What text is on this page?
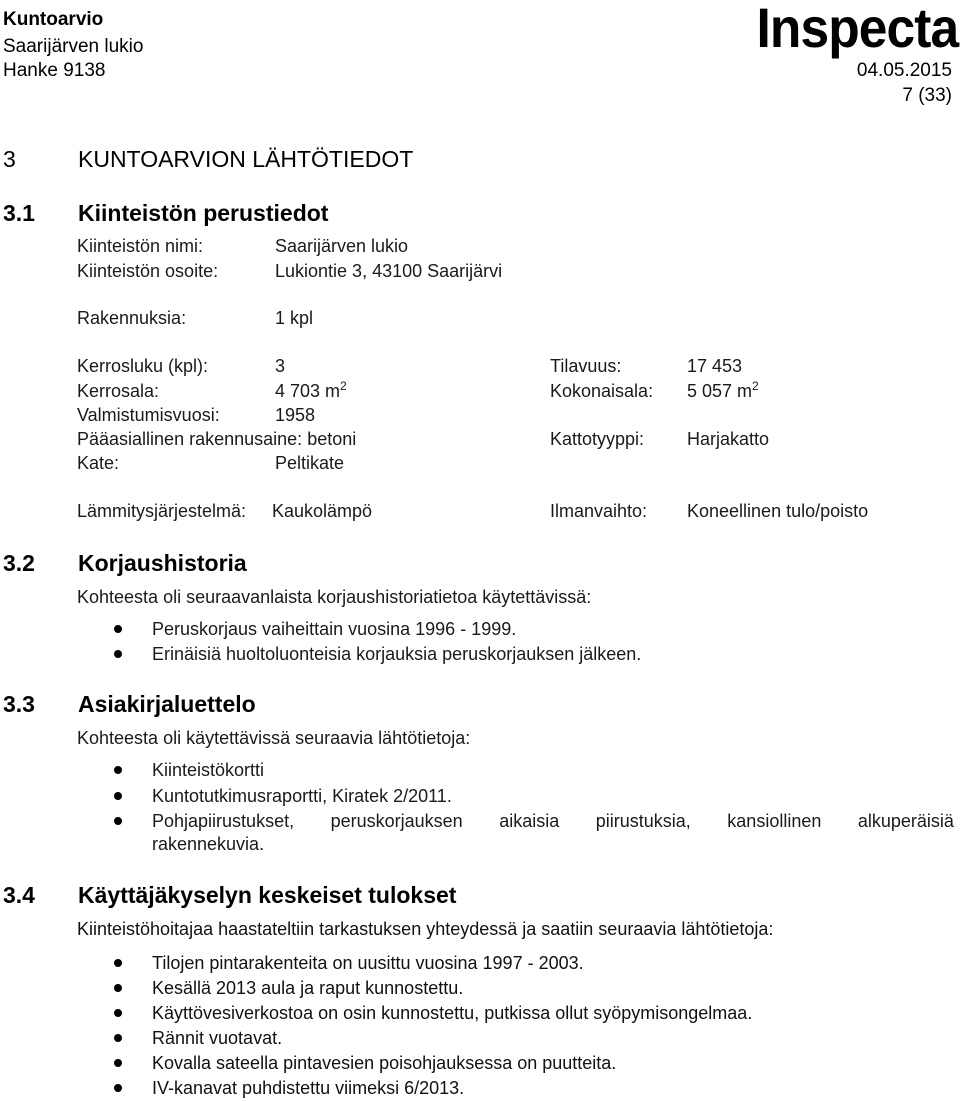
Kuntoarvio
Saarijärven lukio
Hanke 9138
Inspecta
04.05.2015
7 (33)
3	KUNTOARVION LÄHTÖTIEDOT
3.1 Kiinteistön perustiedot
Kiinteistön nimi:	Saarijärven lukio
Kiinteistön osoite:	Lukiontie 3, 43100 Saarijärvi
Rakennuksia:	1 kpl
Kerrosluku (kpl):	3	Tilavuus:	17 453
Kerrosala:	4 703 $m^2$	Kokonaisala: 5 057 $m^2$
Valmistumisvuosi:	1958
Pääasiallinen rakennusaine: betoni	Kattotyyppi: Harjakatto
Kate:	Peltikate
Lämmitysjärjestelmä: Kaukolämpö	Ilmanvaihto: Koneellinen tulo/poisto
3.2 Korjaushistoria
Kohteesta oli seuraavanlaista korjaushistoriatietoa käytettävissä:
Peruskorjaus vaiheittain vuosina 1996 - 1999.
Erinäisiä huoltoluonteisia korjauksia peruskorjauksen jälkeen.
3.3 Asiakirjaluettelo
Kohteesta oli käytettävissä seuraavia lähtötietoja:
Kiinteistökortti
Kuntotutkimusraportti, Kiratek 2/2011.
Pohjapiirustukset, peruskorjauksen aikaisia piirustuksia, kansiollinen alkuperäisiä
rakennekuvia.
3.4 Käyttäjäkyselyn keskeiset tulokset
Kiinteistöhoitajaa haastateltiin tarkastuksen yhteydessä ja saatiin seuraavia lähtötietoja:
Tilojen pintarakenteita on uusittu vuosina 1997 - 2003.
Kesällä 2013 aula ja raput kunnostettu.
Käyttövesiverkostoa on osin kunnostettu, putkissa ollut syöpymisongelmaa.
Rännit vuotavat.
Kovalla sateella pintavesien poisohjauksessa on puutteita.
IV-kanavat puhdistettu viimeksi 6/2013.
